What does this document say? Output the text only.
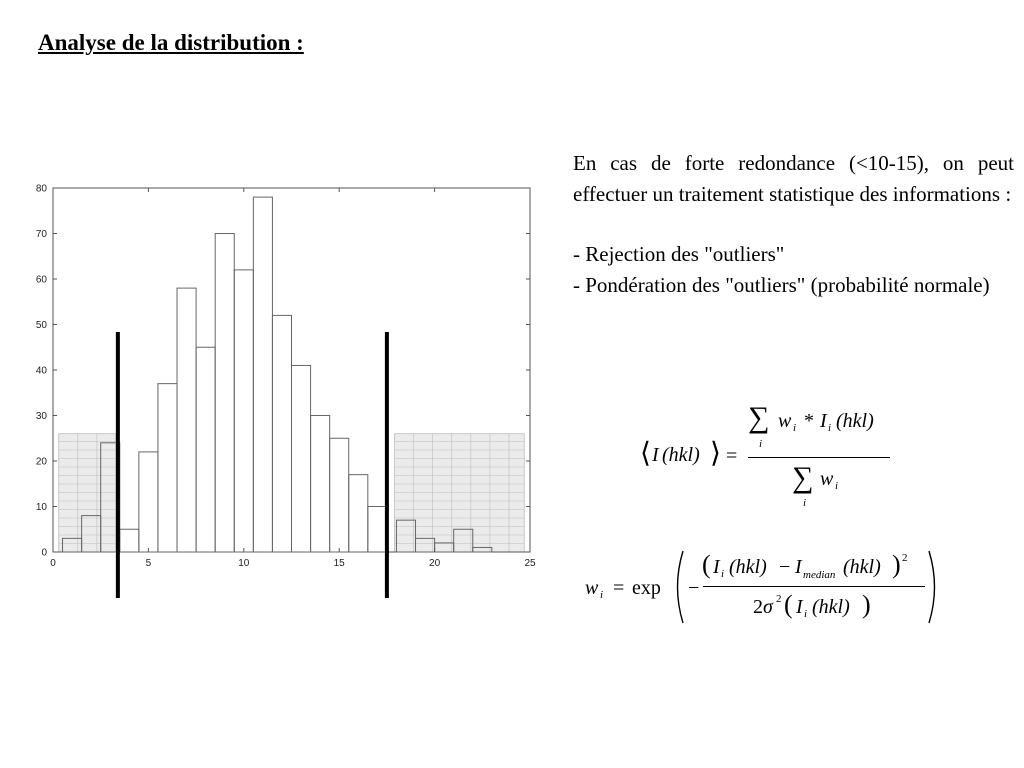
Analyse de la distribution :
0	5	10	15	20	25
0
10
20
30
40
50
60
70
80

En cas de forte redondance (<10-15), on peut effectuer un traitement statistique des informations :

- Rejection des "outliers"
- Pondération des "outliers" (probabilité normale)
⟨ I (hkl) ⟩ =
∑
i
w i * I i (hkl)
∑
i
w i
w i = exp −
( I i (hkl) − I median (hkl) ) 2
2 σ 2 ( I i (hkl) )
